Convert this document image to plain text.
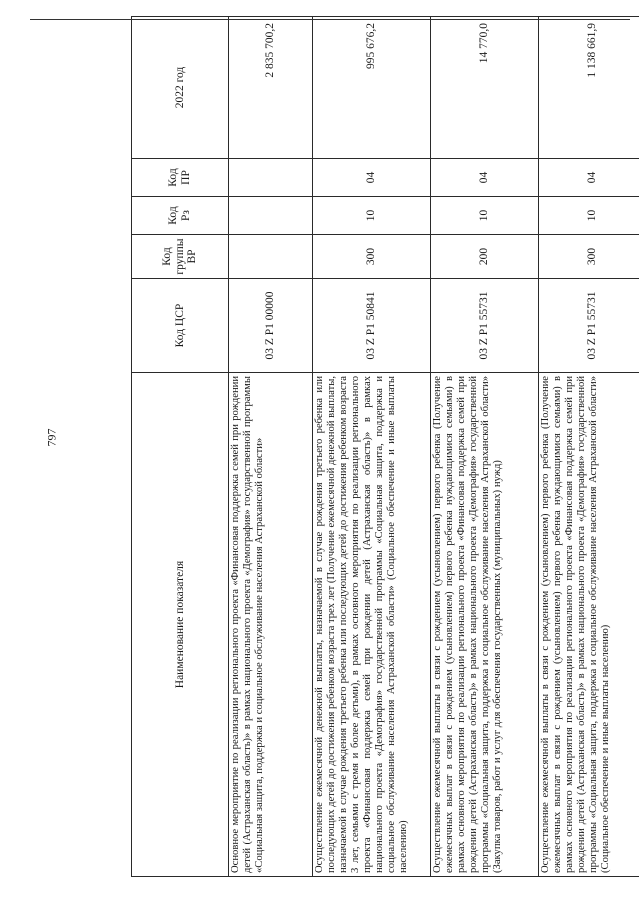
797
Наименование показателя	Код ЦСР	Код группы ВР	Код Рз	Код ПР	2022 год
Основное мероприятие по реализации регионального проекта «Финансовая поддержка семей при рождении детей (Астраханская область)» в рамках национального проекта «Демография» государственной программы «Социальная защита, поддержка и социальное обслуживание населения Астраханской области»	03 Z P1 00000				2 835 700,2
Осуществление ежемесячной денежной выплаты, назначаемой в случае рождения третьего ребенка или последующих детей до достижения ребенком возраста трех лет (Получение ежемесячной денежной выплаты, назначаемой в случае рождения третьего ребенка или последующих детей до достижения ребенком возраста 3 лет, семьями с тремя и более детьми), в рамках основного мероприятия по реализации регионального проекта «Финансовая поддержка семей при рождении детей (Астраханская область)» в рамках национального проекта «Демография» государственной программы «Социальная защита, поддержка и социальное обслуживание населения Астраханской области» (Социальное обеспечение и иные выплаты населению)	03 Z P1 50841	300	10	04	995 676,2
Осуществление ежемесячной выплаты в связи с рождением (усыновлением) первого ребенка (Получение ежемесячных выплат в связи с рождением (усыновлением) первого ребенка нуждающимися семьями) в рамках основного мероприятия по реализации регионального проекта «Финансовая поддержка семей при рождении детей (Астраханская область)» в рамках национального проекта «Демография» государственной программы «Социальная защита, поддержка и социальное обслуживание населения Астраханской области» (Закупка товаров, работ и услуг для обеспечения государственных (муниципальных) нужд)	03 Z P1 55731	200	10	04	14 770,0
Осуществление ежемесячной выплаты в связи с рождением (усыновлением) первого ребенка (Получение ежемесячных выплат в связи с рождением (усыновлением) первого ребенка нуждающимися семьями) в рамках основного мероприятия по реализации регионального проекта «Финансовая поддержка семей при рождении детей (Астраханская область)» в рамках национального проекта «Демография» государственной программы «Социальная защита, поддержка и социальное обслуживание населения Астраханской области» (Социальное обеспечение и иные выплаты населению)	03 Z P1 55731	300	10	04	1 138 661,9
